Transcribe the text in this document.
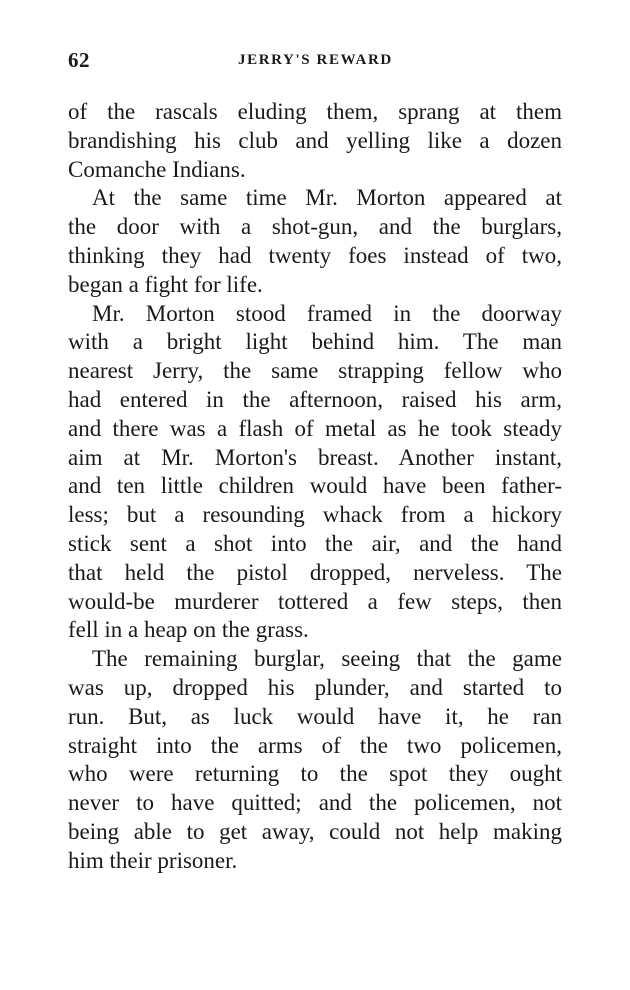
62	JERRY'S REWARD
of the rascals eluding them, sprang at them
brandishing his club and yelling like a dozen
Comanche Indians.
At the same time Mr. Morton appeared at
the door with a shot-gun, and the burglars,
thinking they had twenty foes instead of two,
began a fight for life.
Mr. Morton stood framed in the doorway
with a bright light behind him. The man
nearest Jerry, the same strapping fellow who
had entered in the afternoon, raised his arm,
and there was a flash of metal as he took steady
aim at Mr. Morton's breast. Another instant,
and ten little children would have been father-
less; but a resounding whack from a hickory
stick sent a shot into the air, and the hand
that held the pistol dropped, nerveless. The
would-be murderer tottered a few steps, then
fell in a heap on the grass.
The remaining burglar, seeing that the game
was up, dropped his plunder, and started to
run. But, as luck would have it, he ran
straight into the arms of the two policemen,
who were returning to the spot they ought
never to have quitted; and the policemen, not
being able to get away, could not help making
him their prisoner.
